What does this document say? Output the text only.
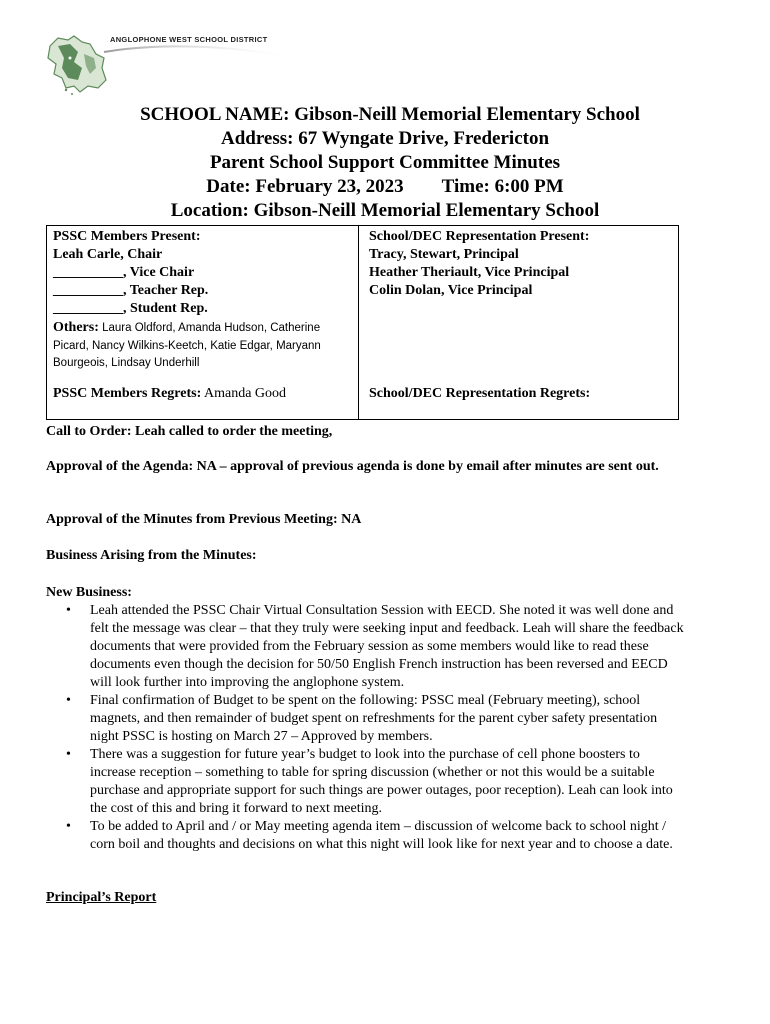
ANGLOPHONE WEST SCHOOL DISTRICT
SCHOOL NAME: Gibson-Neill Memorial Elementary School
Address: 67 Wyngate Drive, Fredericton
Parent School Support Committee Minutes
Date: February 23, 2023 Time: 6:00 PM
Location: Gibson-Neill Memorial Elementary School
PSSC Members Present:
Leah Carle, Chair
__________, Vice Chair
__________, Teacher Rep.
__________, Student Rep.
Others: Laura Oldford, Amanda Hudson, Catherine Picard, Nancy Wilkins-Keetch, Katie Edgar, Maryann Bourgeois, Lindsay Underhill
PSSC Members Regrets: Amanda Good
School/DEC Representation Present:
Tracy, Stewart, Principal
Heather Theriault, Vice Principal
Colin Dolan, Vice Principal
School/DEC Representation Regrets:
Call to Order: Leah called to order the meeting,
Approval of the Agenda: NA – approval of previous agenda is done by email after minutes are sent out.
Approval of the Minutes from Previous Meeting: NA
Business Arising from the Minutes:
New Business:
• Leah attended the PSSC Chair Virtual Consultation Session with EECD. She noted it was well done and felt the message was clear – that they truly were seeking input and feedback. Leah will share the feedback documents that were provided from the February session as some members would like to read these documents even though the decision for 50/50 English French instruction has been reversed and EECD will look further into improving the anglophone system.
• Final confirmation of Budget to be spent on the following: PSSC meal (February meeting), school magnets, and then remainder of budget spent on refreshments for the parent cyber safety presentation night PSSC is hosting on March 27 – Approved by members.
• There was a suggestion for future year’s budget to look into the purchase of cell phone boosters to increase reception – something to table for spring discussion (whether or not this would be a suitable purchase and appropriate support for such things are power outages, poor reception). Leah can look into the cost of this and bring it forward to next meeting.
• To be added to April and / or May meeting agenda item – discussion of welcome back to school night / corn boil and thoughts and decisions on what this night will look like for next year and to choose a date.
Principal’s Report
